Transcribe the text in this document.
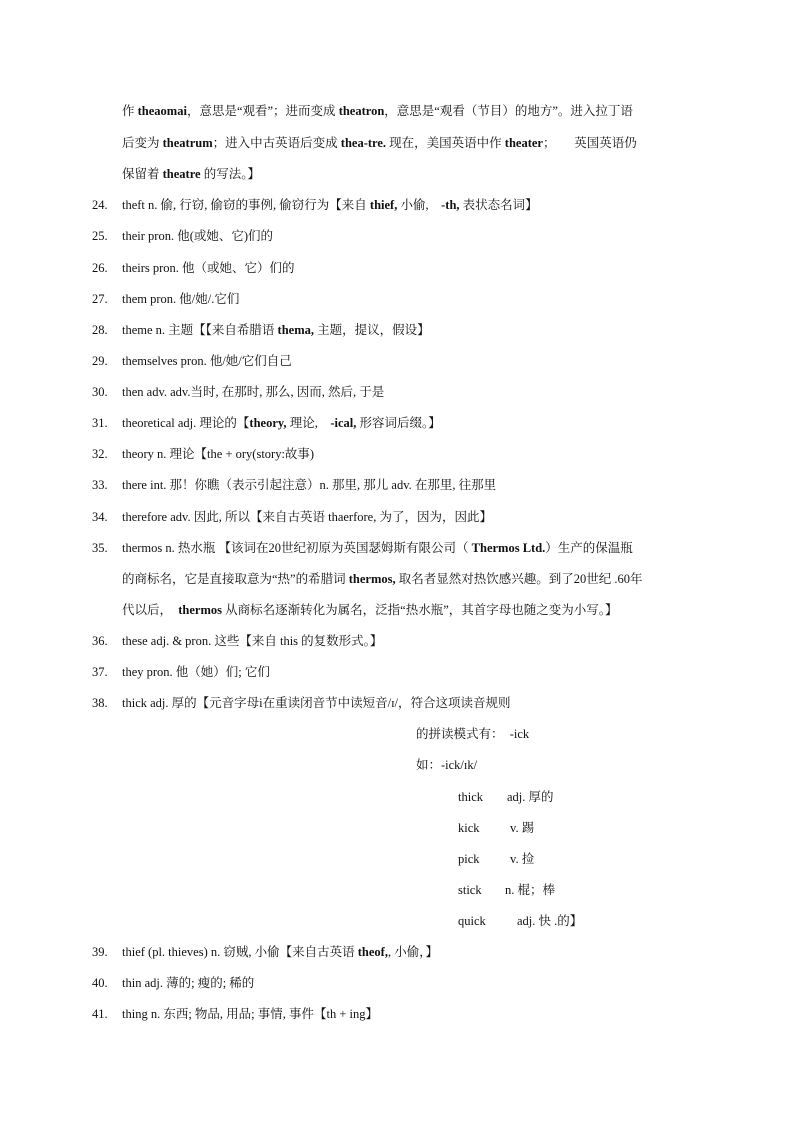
作 theaomai，意思是“观看”；进而变成 theatron，意思是“观看（节目）的地方”。进入拉丁语
后变为 theatrum；进入中古英语后变成 thea-tre. 现在，美国英语中作 theater；　　英国英语仍
保留着 theatre 的写法。】
24. theft n. 偷, 行窃, 偷窃的事例, 偷窃行为【来自 thief, 小偷,　-th, 表状态名词】
25. their pron. 他(或她、它)们的
26. theirs pron. 他（或她、它）们的
27. them pron. 他/她/.它们
28. theme n. 主题【【来自希腊语 thema, 主题，提议，假设】
29. themselves pron. 他/她/它们自己
30. then adv. adv.当时, 在那时, 那么, 因而, 然后, 于是
31. theoretical adj. 理论的【theory, 理论,　-ical, 形容词后缀。】
32. theory n. 理论【the + ory(story:故事)
33. there int. 那！你瞧（表示引起注意）n. 那里, 那儿 adv. 在那里, 往那里
34. therefore adv. 因此, 所以【来自古英语 thaerfore, 为了，因为，因此】
35. thermos n. 热水瓶 【该词在20世纪初原为英国瑟姆斯有限公司（ Thermos Ltd.）生产的保温瓶
的商标名，它是直接取意为“热”的希腊词 thermos, 取名者显然对热饮感兴趣。到了20世纪 .60年
代以后，　thermos 从商标名逐渐转化为属名，泛指“热水瓶”，其首字母也随之变为小写。】
36. these adj. & pron. 这些【来自 this 的复数形式。】
37. they pron. 他（她）们; 它们
38. thick adj. 厚的【元音字母i在重读闭音节中读短音/ɪ/，符合这项读音规则
的拼读模式有：　-ick
如：-ick/ɪk/
thick adj. 厚的
kick v. 踢
pick v. 捡
stick n. 棍；棒
quick adj. 快 .的】
39. thief (pl. thieves) n. 窃贼, 小偷【来自古英语 theof,, 小偷，】
40. thin adj. 薄的; 瘦的; 稀的
41. thing n. 东西; 物品, 用品; 事情, 事件【th + ing】
